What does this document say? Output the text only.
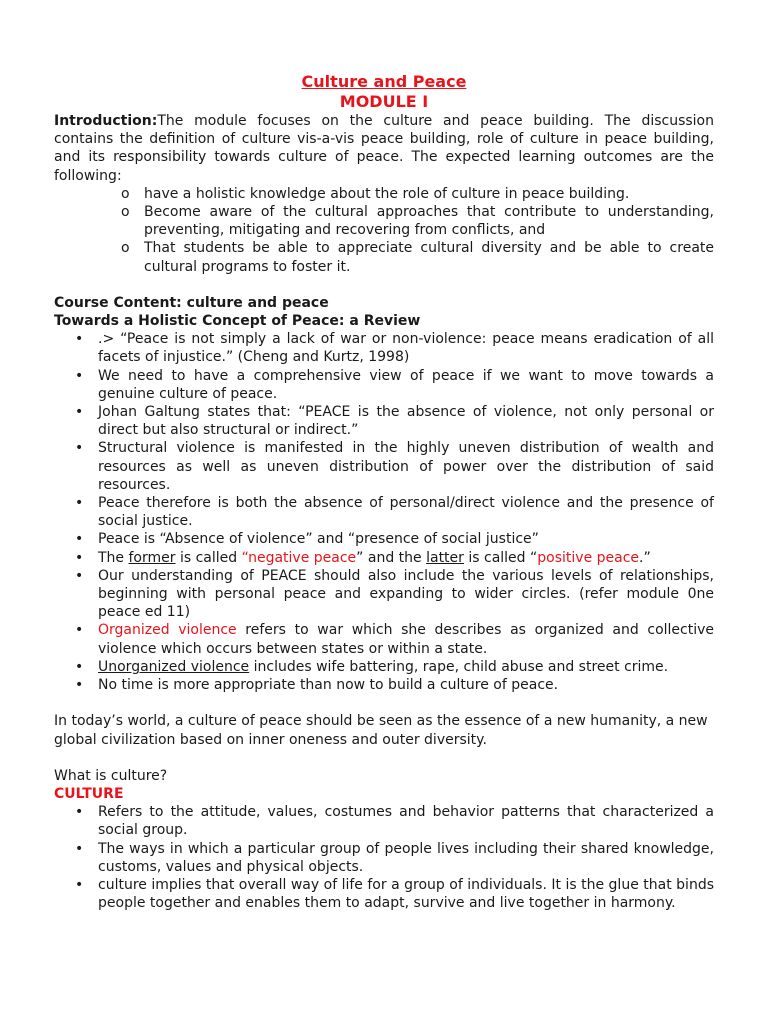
Culture and Peace
MODULE I
Introduction:The module focuses on the culture and peace building. The discussion contains the definition of culture vis-a-vis peace building, role of culture in peace building, and its responsibility towards culture of peace. The expected learning outcomes are the following:
o have a holistic knowledge about the role of culture in peace building.
o Become aware of the cultural approaches that contribute to understanding, preventing, mitigating and recovering from conflicts, and
o That students be able to appreciate cultural diversity and be able to create cultural programs to foster it.
Course Content: culture and peace
Towards a Holistic Concept of Peace: a Review
• .> “Peace is not simply a lack of war or non-violence: peace means eradication of all facets of injustice.” (Cheng and Kurtz, 1998)
• We need to have a comprehensive view of peace if we want to move towards a genuine culture of peace.
• Johan Galtung states that: “PEACE is the absence of violence, not only personal or direct but also structural or indirect.”
• Structural violence is manifested in the highly uneven distribution of wealth and resources as well as uneven distribution of power over the distribution of said resources.
• Peace therefore is both the absence of personal/direct violence and the presence of social justice.
• Peace is “Absence of violence” and “presence of social justice”
• The former is called “negative peace” and the latter is called “positive peace.”
• Our understanding of PEACE should also include the various levels of relationships, beginning with personal peace and expanding to wider circles. (refer module 0ne peace ed 11)
• Organized violence refers to war which she describes as organized and collective violence which occurs between states or within a state.
• Unorganized violence includes wife battering, rape, child abuse and street crime.
• No time is more appropriate than now to build a culture of peace.
In today’s world, a culture of peace should be seen as the essence of a new humanity, a new global civilization based on inner oneness and outer diversity.
What is culture?
CULTURE
• Refers to the attitude, values, costumes and behavior patterns that characterized a social group.
• The ways in which a particular group of people lives including their shared knowledge, customs, values and physical objects.
• culture implies that overall way of life for a group of individuals. It is the glue that binds people together and enables them to adapt, survive and live together in harmony.
